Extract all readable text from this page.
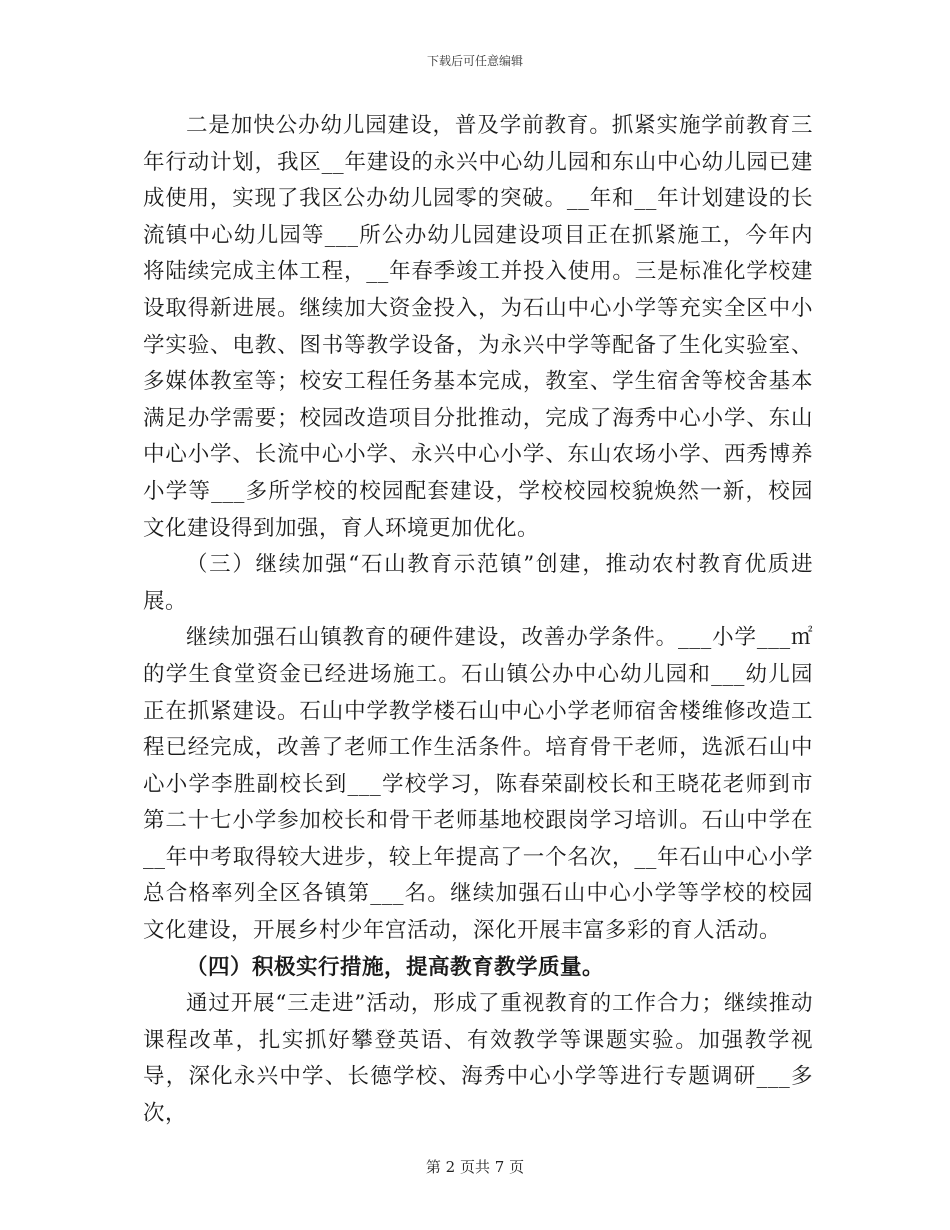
下载后可任意编辑

二是加快公办幼儿园建设，普及学前教育。抓紧实施学前教育三年行动计划，我区__年建设的永兴中心幼儿园和东山中心幼儿园已建成使用，实现了我区公办幼儿园零的突破。__年和__年计划建设的长流镇中心幼儿园等___所公办幼儿园建设项目正在抓紧施工，今年内将陆续完成主体工程，__年春季竣工并投入使用。三是标准化学校建设取得新进展。继续加大资金投入，为石山中心小学等充实全区中小学实验、电教、图书等教学设备，为永兴中学等配备了生化实验室、多媒体教室等；校安工程任务基本完成，教室、学生宿舍等校舍基本满足办学需要；校园改造项目分批推动，完成了海秀中心小学、东山中心小学、长流中心小学、永兴中心小学、东山农场小学、西秀博养小学等___多所学校的校园配套建设，学校校园校貌焕然一新，校园文化建设得到加强，育人环境更加优化。

（三）继续加强“石山教育示范镇”创建，推动农村教育优质进展。

继续加强石山镇教育的硬件建设，改善办学条件。___小学___㎡的学生食堂资金已经进场施工。石山镇公办中心幼儿园和___幼儿园正在抓紧建设。石山中学教学楼石山中心小学老师宿舍楼维修改造工程已经完成，改善了老师工作生活条件。培育骨干老师，选派石山中心小学李胜副校长到___学校学习，陈春荣副校长和王晓花老师到市第二十七小学参加校长和骨干老师基地校跟岗学习培训。石山中学在__年中考取得较大进步，较上年提高了一个名次，__年石山中心小学总合格率列全区各镇第___名。继续加强石山中心小学等学校的校园文化建设，开展乡村少年宫活动，深化开展丰富多彩的育人活动。

（四）积极实行措施，提高教育教学质量。

通过开展“三走进”活动，形成了重视教育的工作合力；继续推动课程改革，扎实抓好攀登英语、有效教学等课题实验。加强教学视导，深化永兴中学、长德学校、海秀中心小学等进行专题调研___多次，

第 2 页共 7 页
